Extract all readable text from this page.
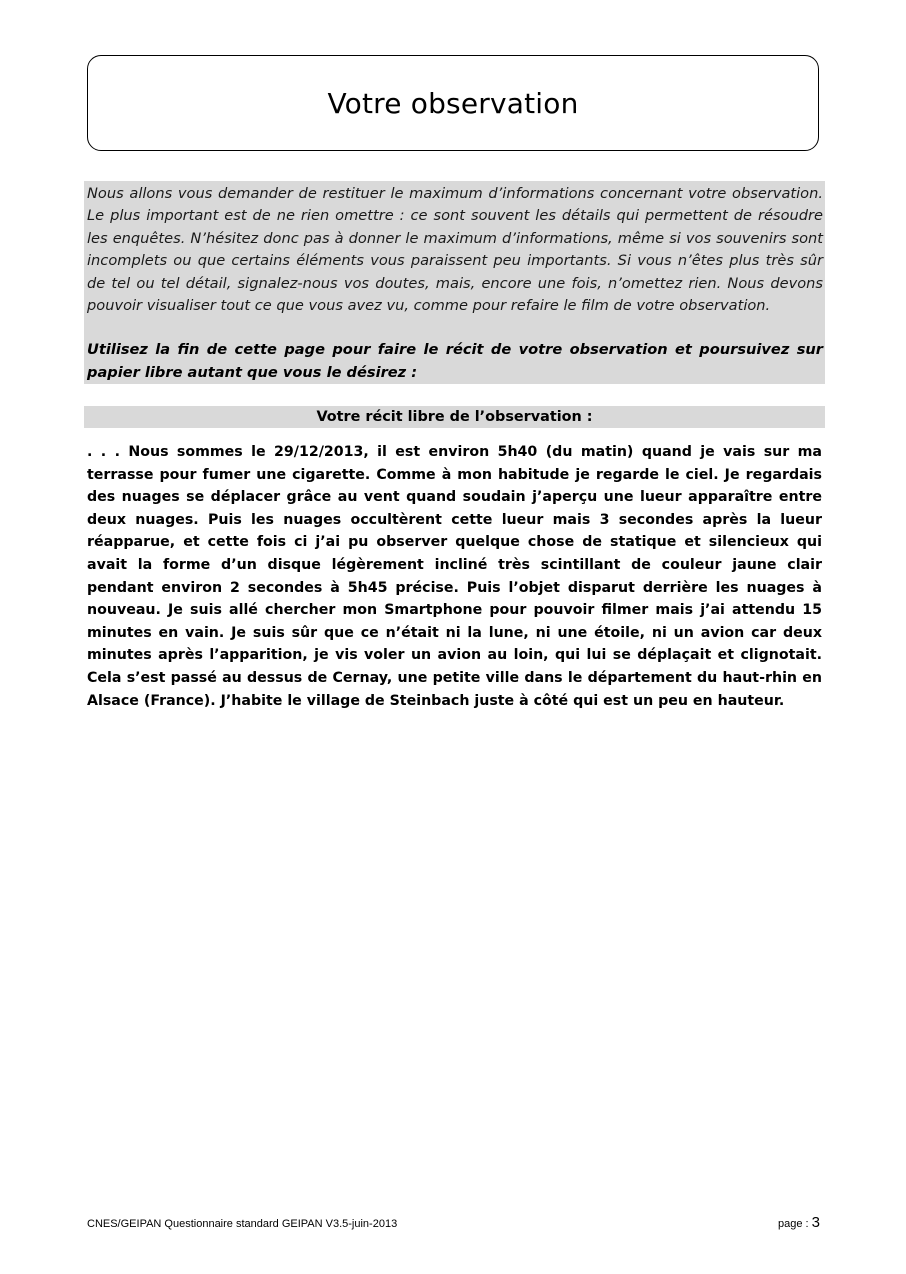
Votre observation

Nous allons vous demander de restituer le maximum d’informations concernant votre observation. Le plus important est de ne rien omettre : ce sont souvent les détails qui permettent de résoudre les enquêtes. N’hésitez donc pas à donner le maximum d’informations, même si vos souvenirs sont incomplets ou que certains éléments vous paraissent peu importants. Si vous n’êtes plus très sûr de tel ou tel détail, signalez-nous vos doutes, mais, encore une fois, n’omettez rien. Nous devons pouvoir visualiser tout ce que vous avez vu, comme pour refaire le film de votre observation.

Utilisez la fin de cette page pour faire le récit de votre observation et poursuivez sur papier libre autant que vous le désirez :

Votre récit libre de l’observation :

. . . Nous sommes le 29/12/2013, il est environ 5h40 (du matin) quand je vais sur ma terrasse pour fumer une cigarette. Comme à mon habitude je regarde le ciel. Je regardais des nuages se déplacer grâce au vent quand soudain j’aperçu une lueur apparaître entre deux nuages. Puis les nuages occultèrent cette lueur mais 3 secondes après la lueur réapparue, et cette fois ci j’ai pu observer quelque chose de statique et silencieux qui avait la forme d’un disque légèrement incliné très scintillant de couleur jaune clair pendant environ 2 secondes à 5h45 précise. Puis l’objet disparut derrière les nuages à nouveau. Je suis allé chercher mon Smartphone pour pouvoir filmer mais j’ai attendu 15 minutes en vain. Je suis sûr que ce n’était ni la lune, ni une étoile, ni un avion car deux minutes après l’apparition, je vis voler un avion au loin, qui lui se déplaçait et clignotait. Cela s’est passé au dessus de Cernay, une petite ville dans le département du haut-rhin en Alsace (France). J’habite le village de Steinbach juste à côté qui est un peu en hauteur.

CNES/GEIPAN Questionnaire standard GEIPAN V3.5-juin-2013	page : 3
